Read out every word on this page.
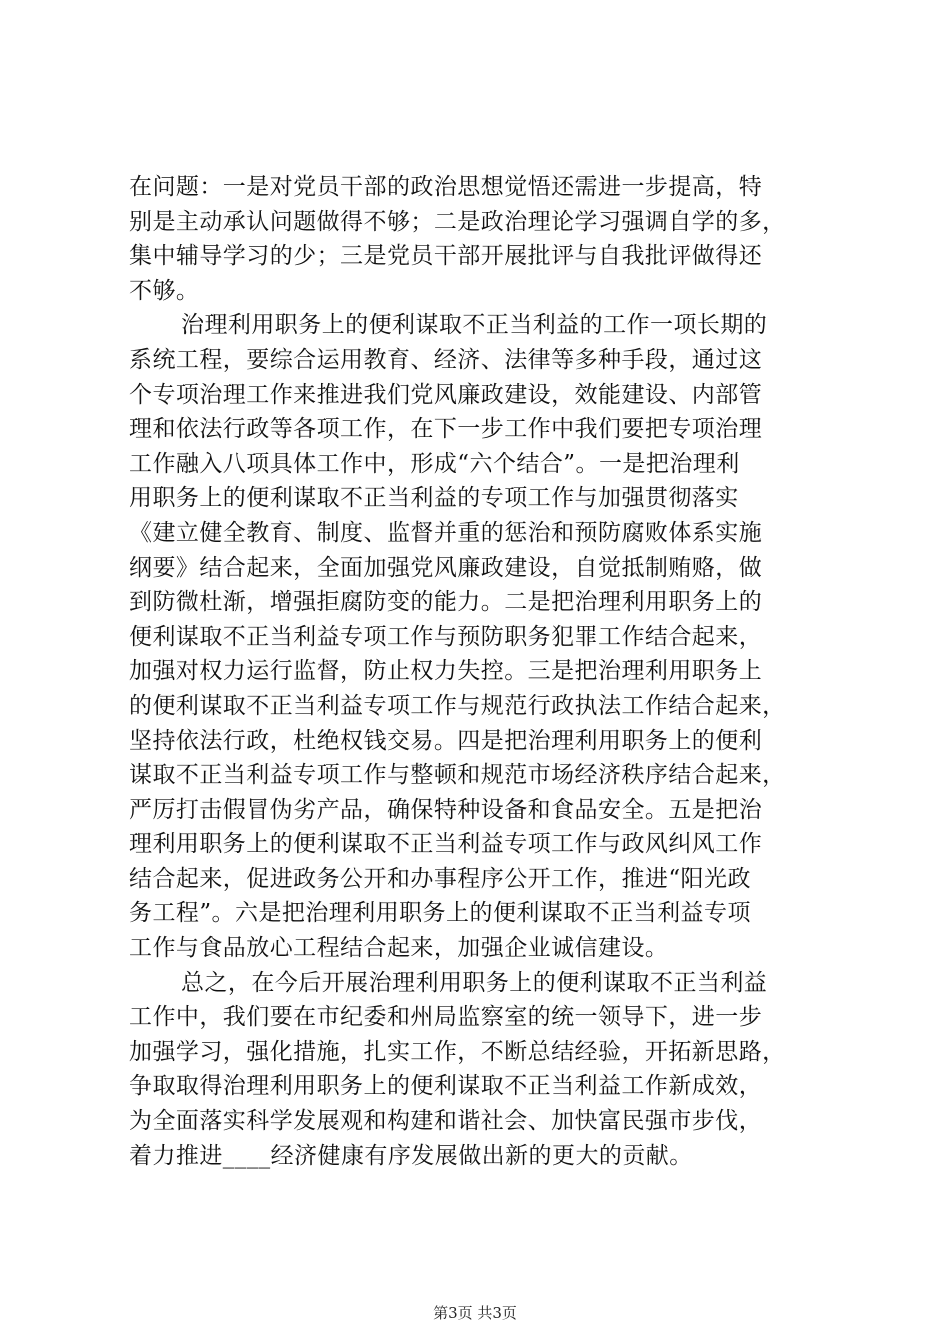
在问题：一是对党员干部的政治思想觉悟还需进一步提高，特
别是主动承认问题做得不够；二是政治理论学习强调自学的多，
集中辅导学习的少；三是党员干部开展批评与自我批评做得还
不够。
治理利用职务上的便利谋取不正当利益的工作一项长期的
系统工程，要综合运用教育、经济、法律等多种手段，通过这
个专项治理工作来推进我们党风廉政建设，效能建设、内部管
理和依法行政等各项工作，在下一步工作中我们要把专项治理
工作融入八项具体工作中，形成“六个结合”。一是把治理利
用职务上的便利谋取不正当利益的专项工作与加强贯彻落实
《建立健全教育、制度、监督并重的惩治和预防腐败体系实施
纲要》结合起来，全面加强党风廉政建设，自觉抵制贿赂，做
到防微杜渐，增强拒腐防变的能力。二是把治理利用职务上的
便利谋取不正当利益专项工作与预防职务犯罪工作结合起来，
加强对权力运行监督，防止权力失控。三是把治理利用职务上
的便利谋取不正当利益专项工作与规范行政执法工作结合起来，
坚持依法行政，杜绝权钱交易。四是把治理利用职务上的便利
谋取不正当利益专项工作与整顿和规范市场经济秩序结合起来，
严厉打击假冒伪劣产品，确保特种设备和食品安全。五是把治
理利用职务上的便利谋取不正当利益专项工作与政风纠风工作
结合起来，促进政务公开和办事程序公开工作，推进“阳光政
务工程”。六是把治理利用职务上的便利谋取不正当利益专项
工作与食品放心工程结合起来，加强企业诚信建设。
总之，在今后开展治理利用职务上的便利谋取不正当利益
工作中，我们要在市纪委和州局监察室的统一领导下，进一步
加强学习，强化措施，扎实工作，不断总结经验，开拓新思路，
争取取得治理利用职务上的便利谋取不正当利益工作新成效，
为全面落实科学发展观和构建和谐社会、加快富民强市步伐，
着力推进____经济健康有序发展做出新的更大的贡献。
第3页 共3页
